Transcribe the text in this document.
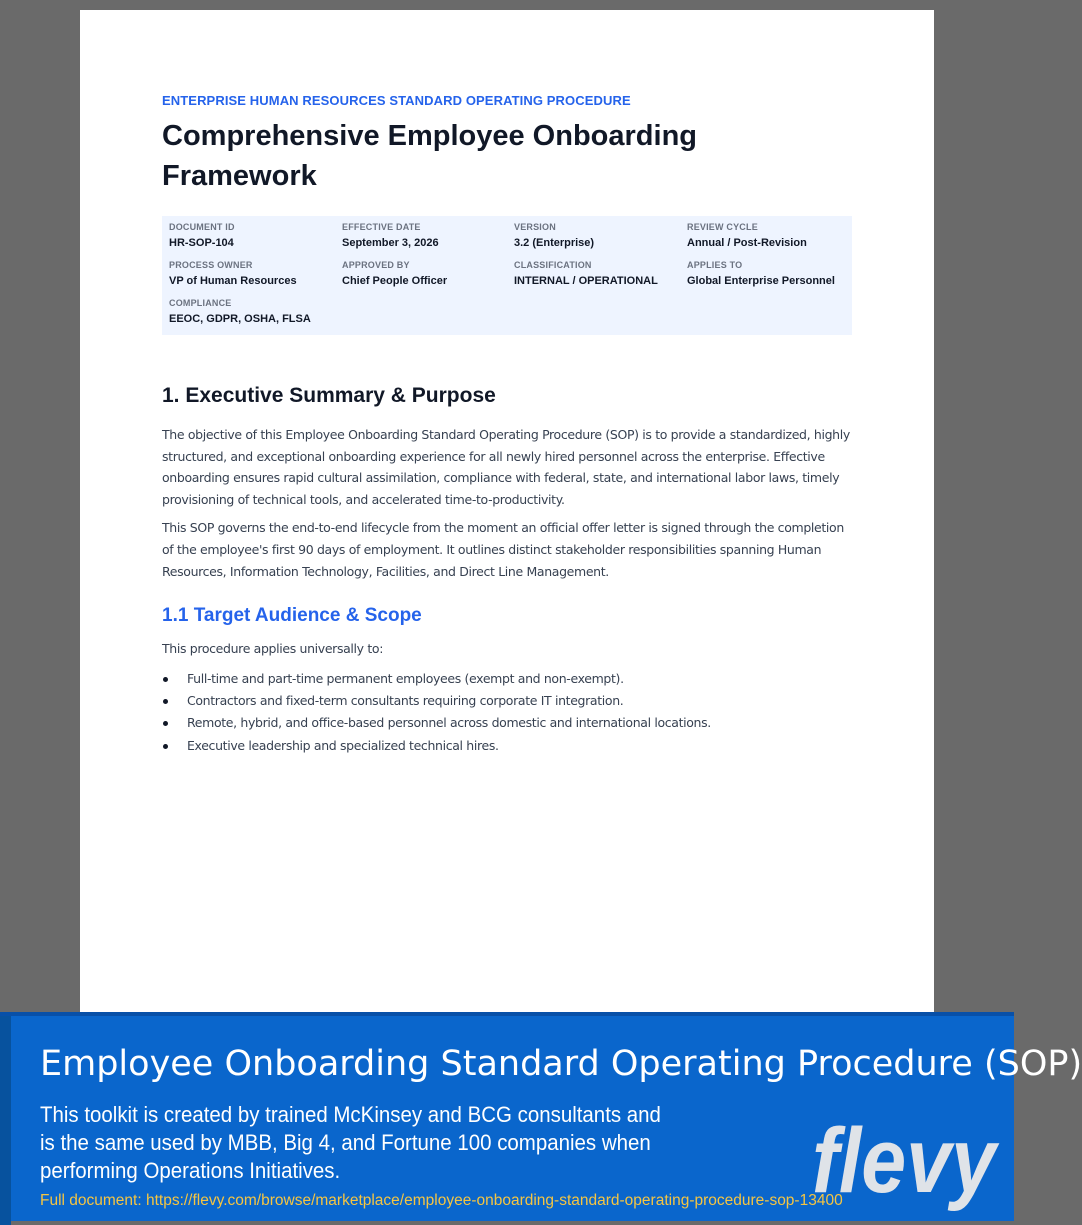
ENTERPRISE HUMAN RESOURCES STANDARD OPERATING PROCEDURE
Comprehensive Employee Onboarding Framework
DOCUMENT ID
HR-SOP-104
EFFECTIVE DATE
September 3, 2026
VERSION
3.2 (Enterprise)
REVIEW CYCLE
Annual / Post-Revision
PROCESS OWNER
VP of Human Resources
APPROVED BY
Chief People Officer
CLASSIFICATION
INTERNAL / OPERATIONAL
APPLIES TO
Global Enterprise Personnel
COMPLIANCE
EEOC, GDPR, OSHA, FLSA
1. Executive Summary & Purpose

The objective of this Employee Onboarding Standard Operating Procedure (SOP) is to provide a standardized, highly structured, and exceptional onboarding experience for all newly hired personnel across the enterprise. Effective onboarding ensures rapid cultural assimilation, compliance with federal, state, and international labor laws, timely provisioning of technical tools, and accelerated time-to-productivity.

This SOP governs the end-to-end lifecycle from the moment an official offer letter is signed through the completion of the employee's first 90 days of employment. It outlines distinct stakeholder responsibilities spanning Human Resources, Information Technology, Facilities, and Direct Line Management.

1.1 Target Audience & Scope

This procedure applies universally to:

Full-time and part-time permanent employees (exempt and non-exempt).
Contractors and fixed-term consultants requiring corporate IT integration.
Remote, hybrid, and office-based personnel across domestic and international locations.
Executive leadership and specialized technical hires.
Employee Onboarding Standard Operating Procedure (SOP)
This toolkit is created by trained McKinsey and BCG consultants and is the same used by MBB, Big 4, and Fortune 100 companies when performing Operations Initiatives.
Full document: https://flevy.com/browse/marketplace/employee-onboarding-standard-operating-procedure-sop-13400
flevy
